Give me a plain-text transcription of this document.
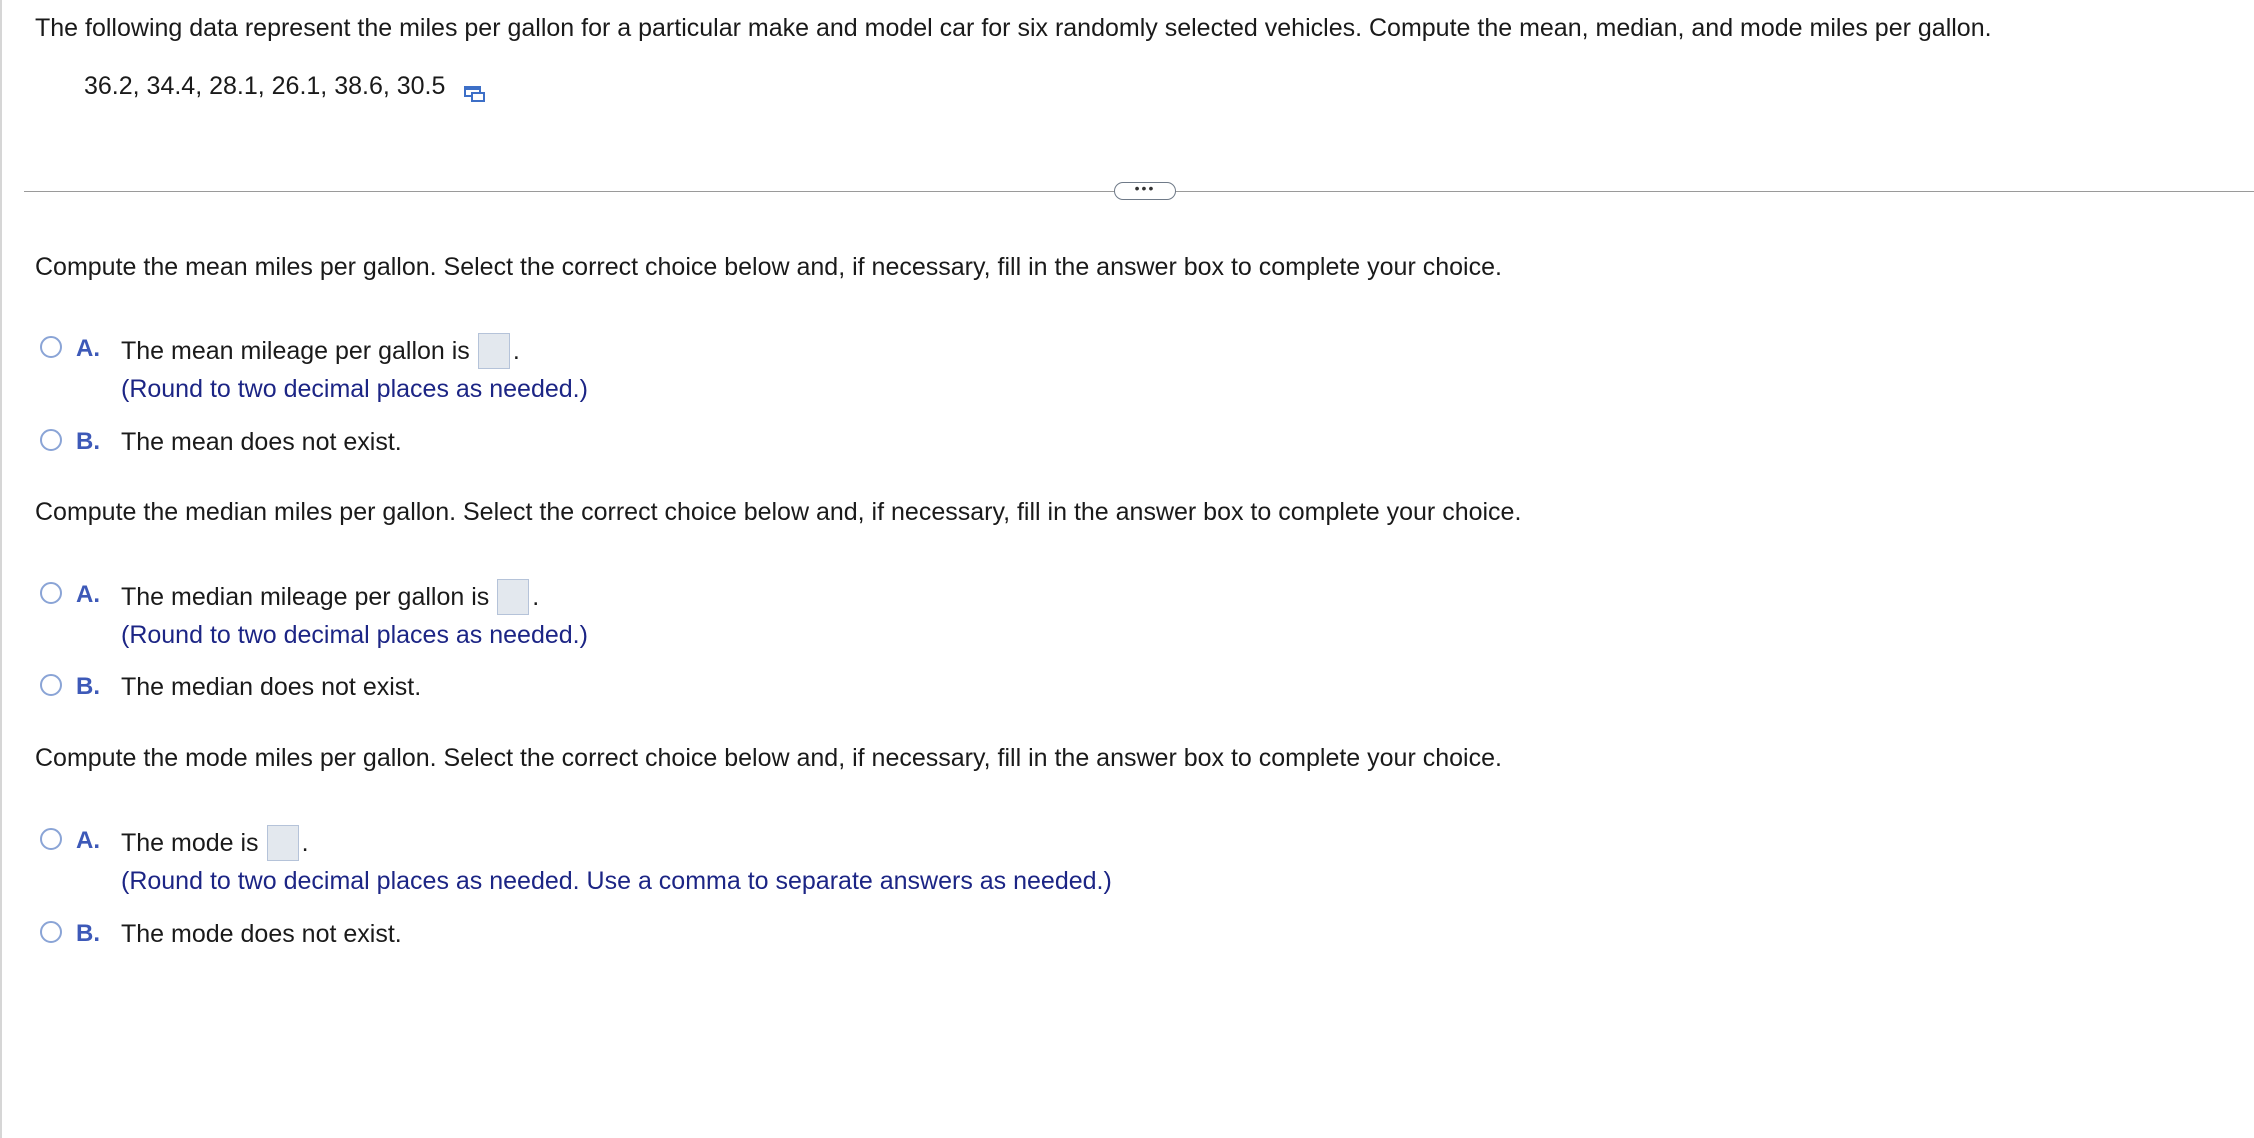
The following data represent the miles per gallon for a particular make and model car for six randomly selected vehicles. Compute the mean, median, and mode miles per gallon.
36.2, 34.4, 28.1, 26.1, 38.6, 30.5
•••
Compute the mean miles per gallon. Select the correct choice below and, if necessary, fill in the answer box to complete your choice.
A. The mean mileage per gallon is .
(Round to two decimal places as needed.)
B. The mean does not exist.
Compute the median miles per gallon. Select the correct choice below and, if necessary, fill in the answer box to complete your choice.
A. The median mileage per gallon is .
(Round to two decimal places as needed.)
B. The median does not exist.
Compute the mode miles per gallon. Select the correct choice below and, if necessary, fill in the answer box to complete your choice.
A. The mode is .
(Round to two decimal places as needed. Use a comma to separate answers as needed.)
B. The mode does not exist.
